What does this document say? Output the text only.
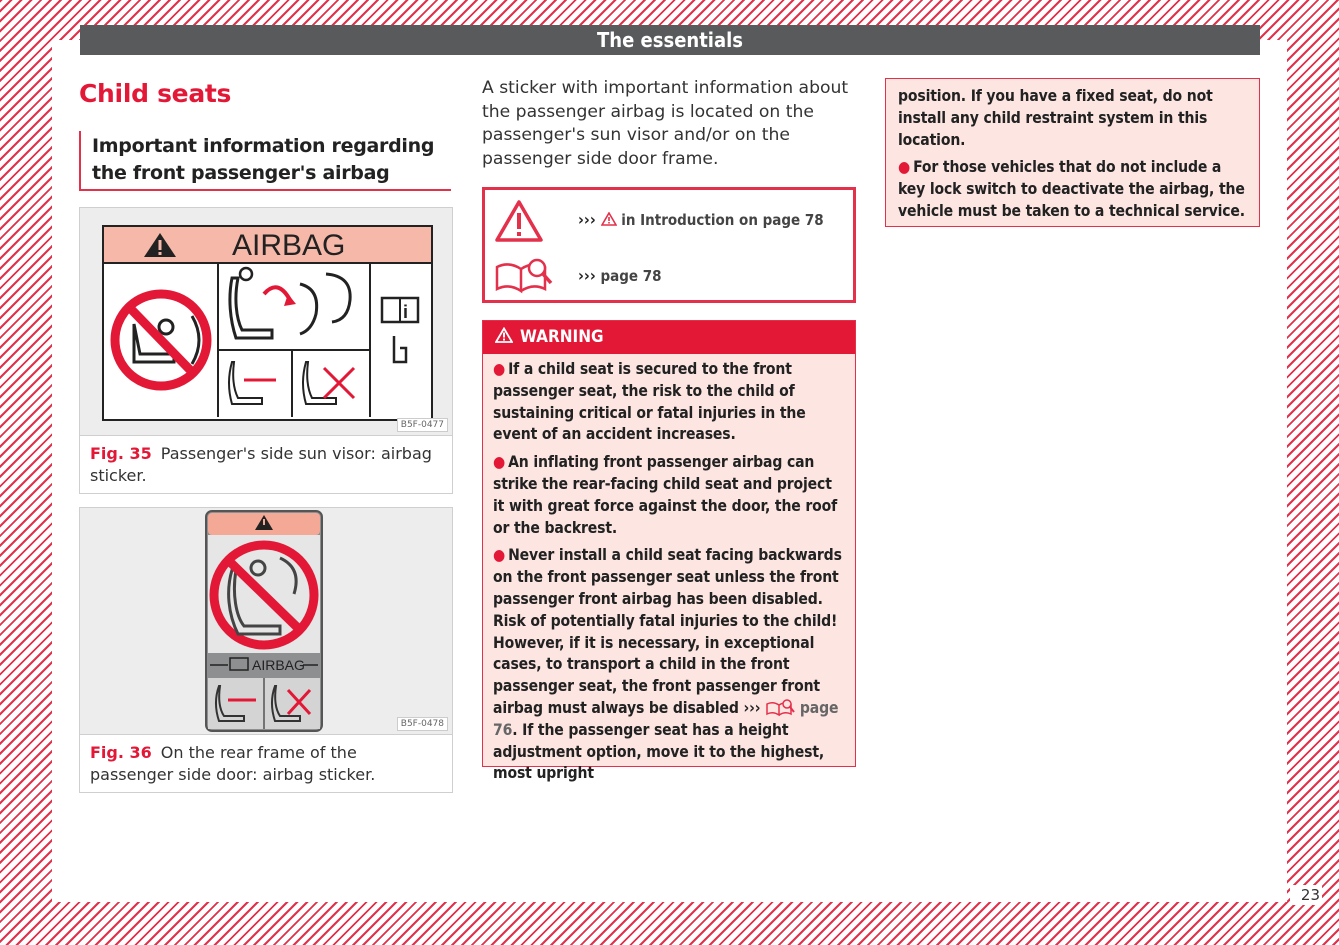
The essentials
Child seats
Important information regarding the front passenger's airbag
AIRBAG
i
B5F-0477
Fig. 35 Passenger's side sun visor: airbag sticker.
AIRBAG
B5F-0478
Fig. 36 On the rear frame of the passenger side door: airbag sticker.

A sticker with important information about the passenger airbag is located on the passenger's sun visor and/or on the passenger side door frame.

››› in Introduction on page 78
››› page 78
WARNING

● If a child seat is secured to the front passenger seat, the risk to the child of sustaining critical or fatal injuries in the event of an accident increases.

● An inflating front passenger airbag can strike the rear-facing child seat and project it with great force against the door, the roof or the backrest.

● Never install a child seat facing backwards on the front passenger seat unless the front passenger front airbag has been disabled. Risk of potentially fatal injuries to the child! However, if it is necessary, in exceptional cases, to transport a child in the front passenger seat, the front passenger front airbag must always be disabled ›››	page 76. If the passenger seat has a height adjustment option, move it to the highest, most upright

position. If you have a fixed seat, do not install any child restraint system in this location.

● For those vehicles that do not include a key lock switch to deactivate the airbag, the vehicle must be taken to a technical service.

23
